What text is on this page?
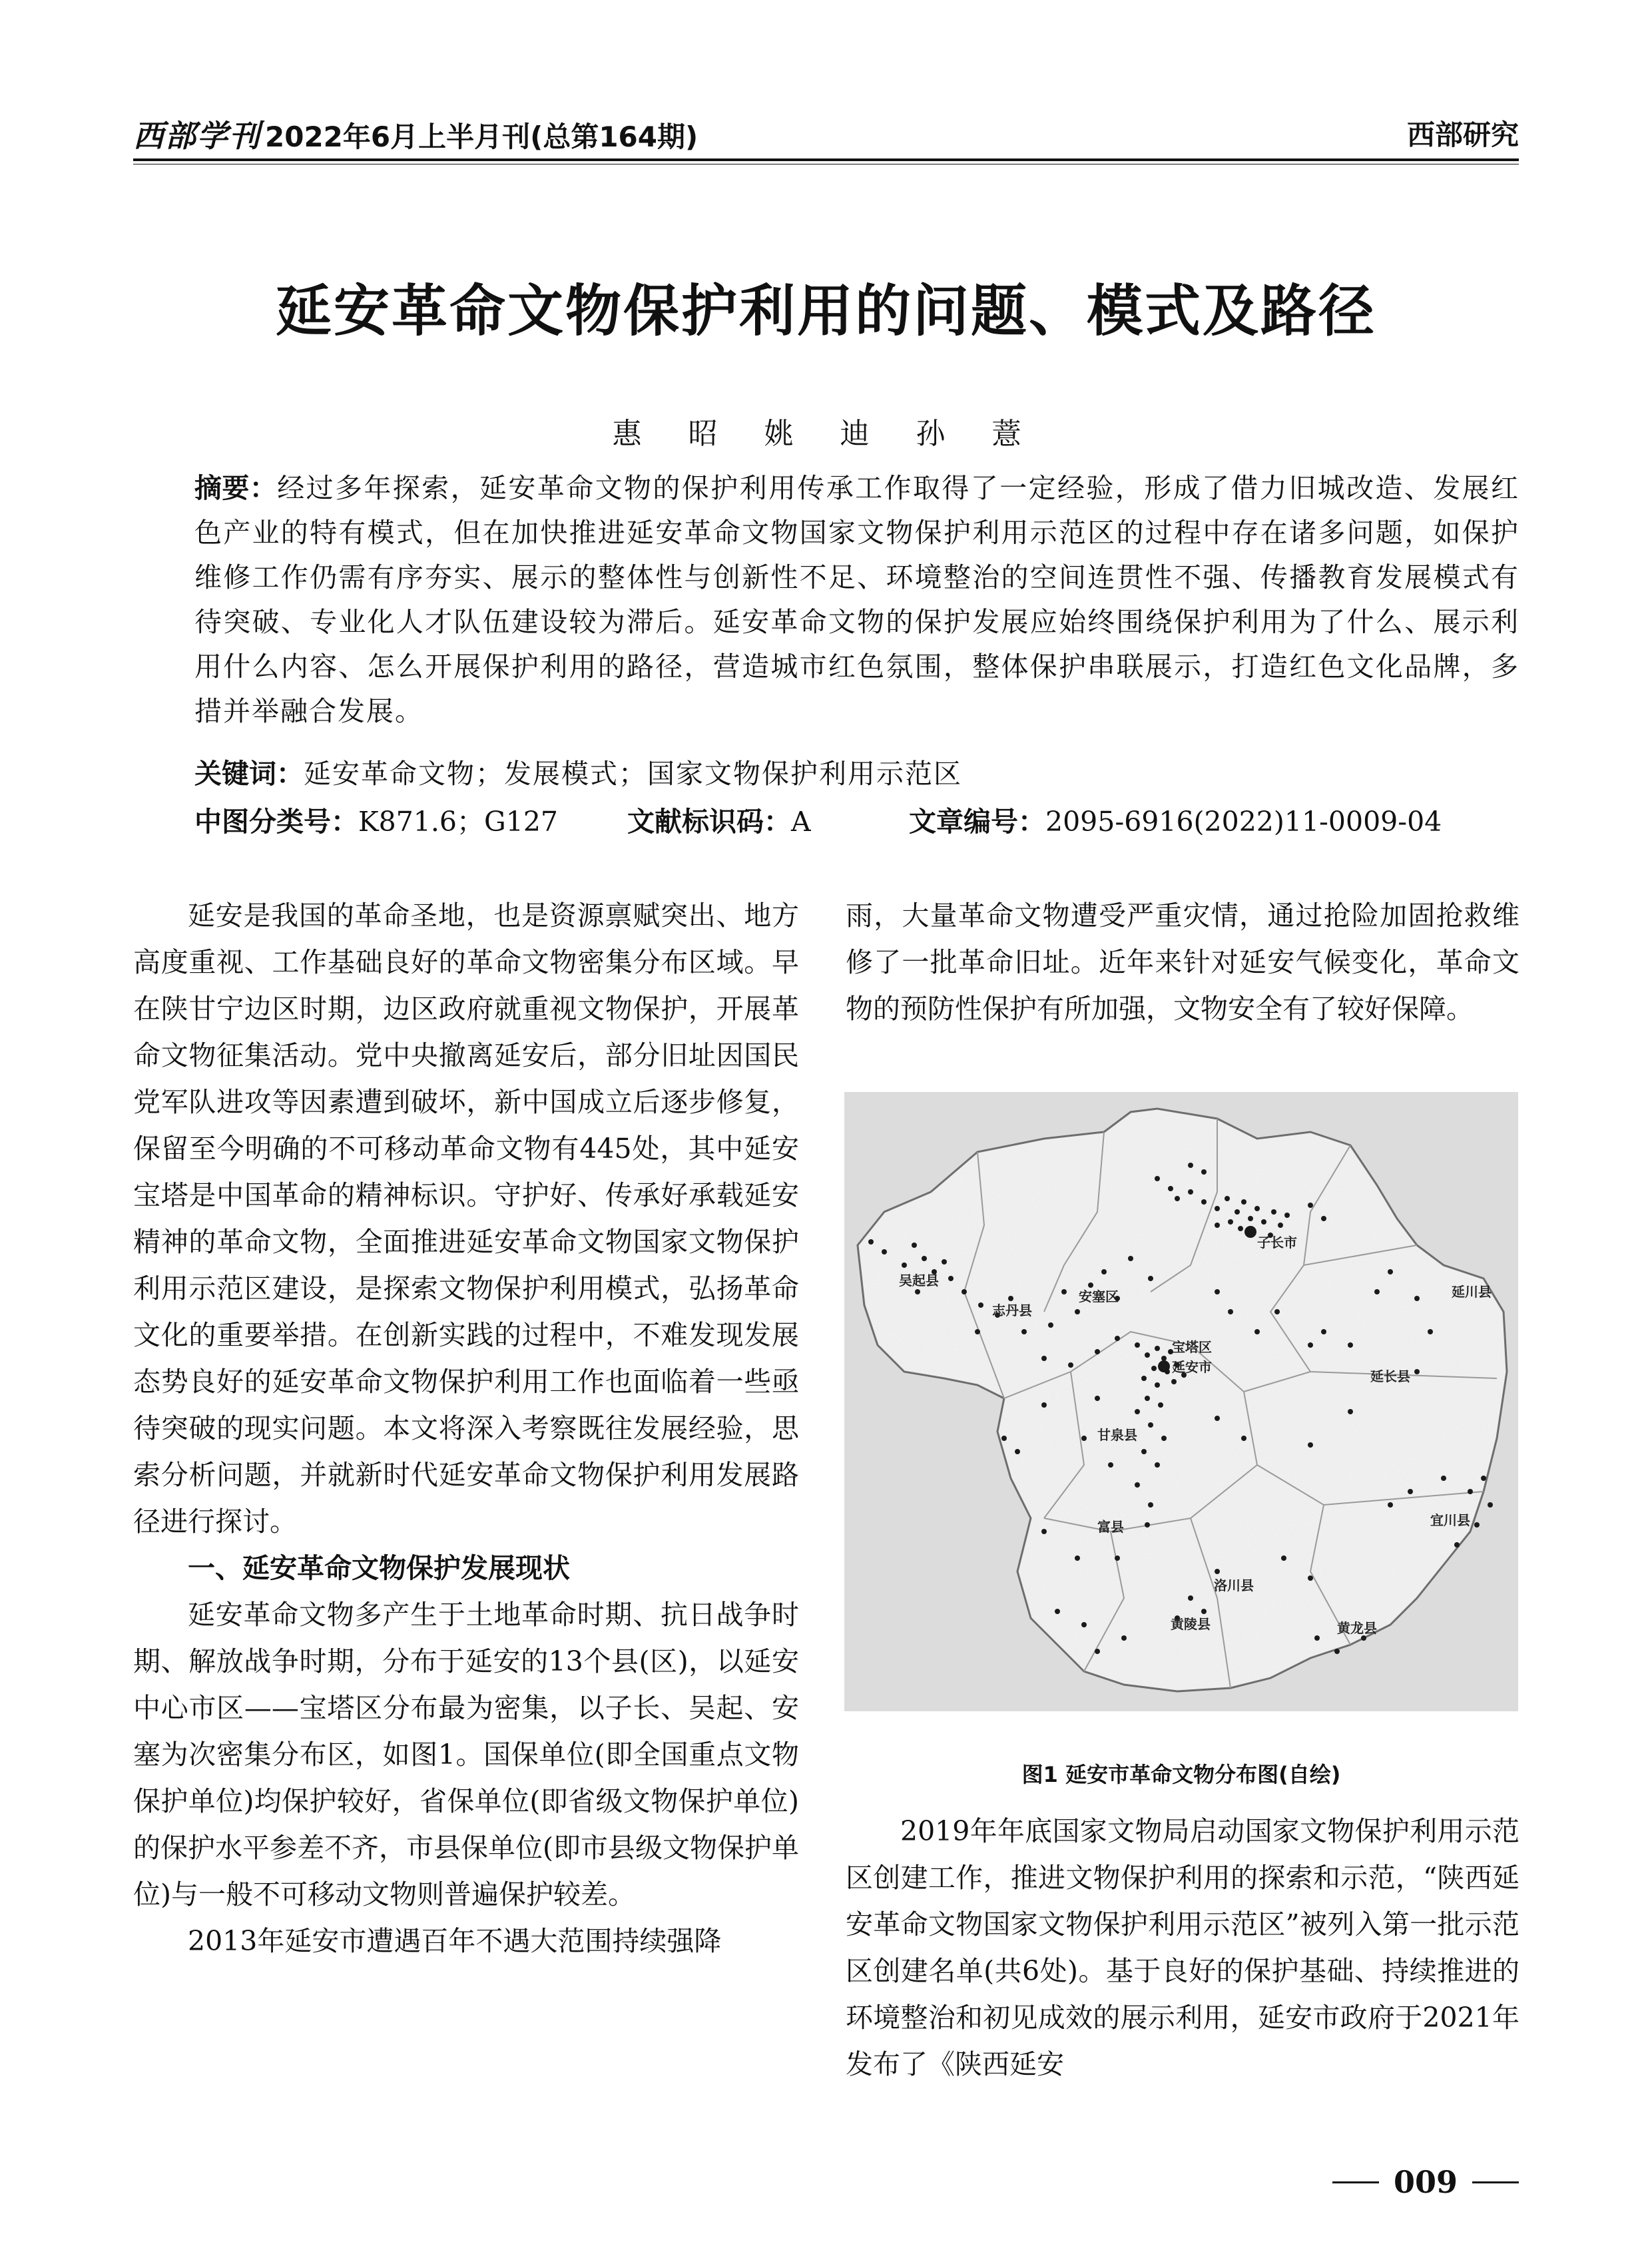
西部学刊 2022年6月上半月刊(总第164期)	西部研究
延安革命文物保护利用的问题、模式及路径
惠 昭 姚 迪 孙 薏
摘要：经过多年探索，延安革命文物的保护利用传承工作取得了一定经验，形成了借力旧城改造、发展红色产业的特有模式，但在加快推进延安革命文物国家文物保护利用示范区的过程中存在诸多问题，如保护维修工作仍需有序夯实、展示的整体性与创新性不足、环境整治的空间连贯性不强、传播教育发展模式有待突破、专业化人才队伍建设较为滞后。延安革命文物的保护发展应始终围绕保护利用为了什么、展示利用什么内容、怎么开展保护利用的路径，营造城市红色氛围，整体保护串联展示，打造红色文化品牌，多措并举融合发展。
关键词：延安革命文物；发展模式；国家文物保护利用示范区
中图分类号：K871.6；G127	文献标识码：A	文章编号：2095-6916(2022)11-0009-04

延安是我国的革命圣地，也是资源禀赋突出、地方高度重视、工作基础良好的革命文物密集分布区域。早在陕甘宁边区时期，边区政府就重视文物保护，开展革命文物征集活动。党中央撤离延安后，部分旧址因国民党军队进攻等因素遭到破坏，新中国成立后逐步修复，保留至今明确的不可移动革命文物有445处，其中延安宝塔是中国革命的精神标识。守护好、传承好承载延安精神的革命文物，全面推进延安革命文物国家文物保护利用示范区建设，是探索文物保护利用模式，弘扬革命文化的重要举措。在创新实践的过程中，不难发现发展态势良好的延安革命文物保护利用工作也面临着一些亟待突破的现实问题。本文将深入考察既往发展经验，思索分析问题，并就新时代延安革命文物保护利用发展路径进行探讨。

一、延安革命文物保护发展现状

延安革命文物多产生于土地革命时期、抗日战争时期、解放战争时期，分布于延安的13个县(区)，以延安中心市区——宝塔区分布最为密集，以子长、吴起、安塞为次密集分布区，如图1。国保单位(即全国重点文物保护单位)均保护较好，省保单位(即省级文物保护单位)的保护水平参差不齐，市县保单位(即市县级文物保护单位)与一般不可移动文物则普遍保护较差。

2013年延安市遭遇百年不遇大范围持续强降

雨，大量革命文物遭受严重灾情，通过抢险加固抢救维修了一批革命旧址。近年来针对延安气候变化，革命文物的预防性保护有所加强，文物安全有了较好保障。

子长市
吴起县
志丹县
安塞区	延川县
宝塔区
延安市
延长县
甘泉县
富县	宜川县
洛川县
黄陵县	黄龙县
图1 延安市革命文物分布图(自绘)

2019年年底国家文物局启动国家文物保护利用示范区创建工作，推进文物保护利用的探索和示范，“陕西延安革命文物国家文物保护利用示范区”被列入第一批示范区创建名单(共6处)。基于良好的保护基础、持续推进的环境整治和初见成效的展示利用，延安市政府于2021年发布了《陕西延安

009
